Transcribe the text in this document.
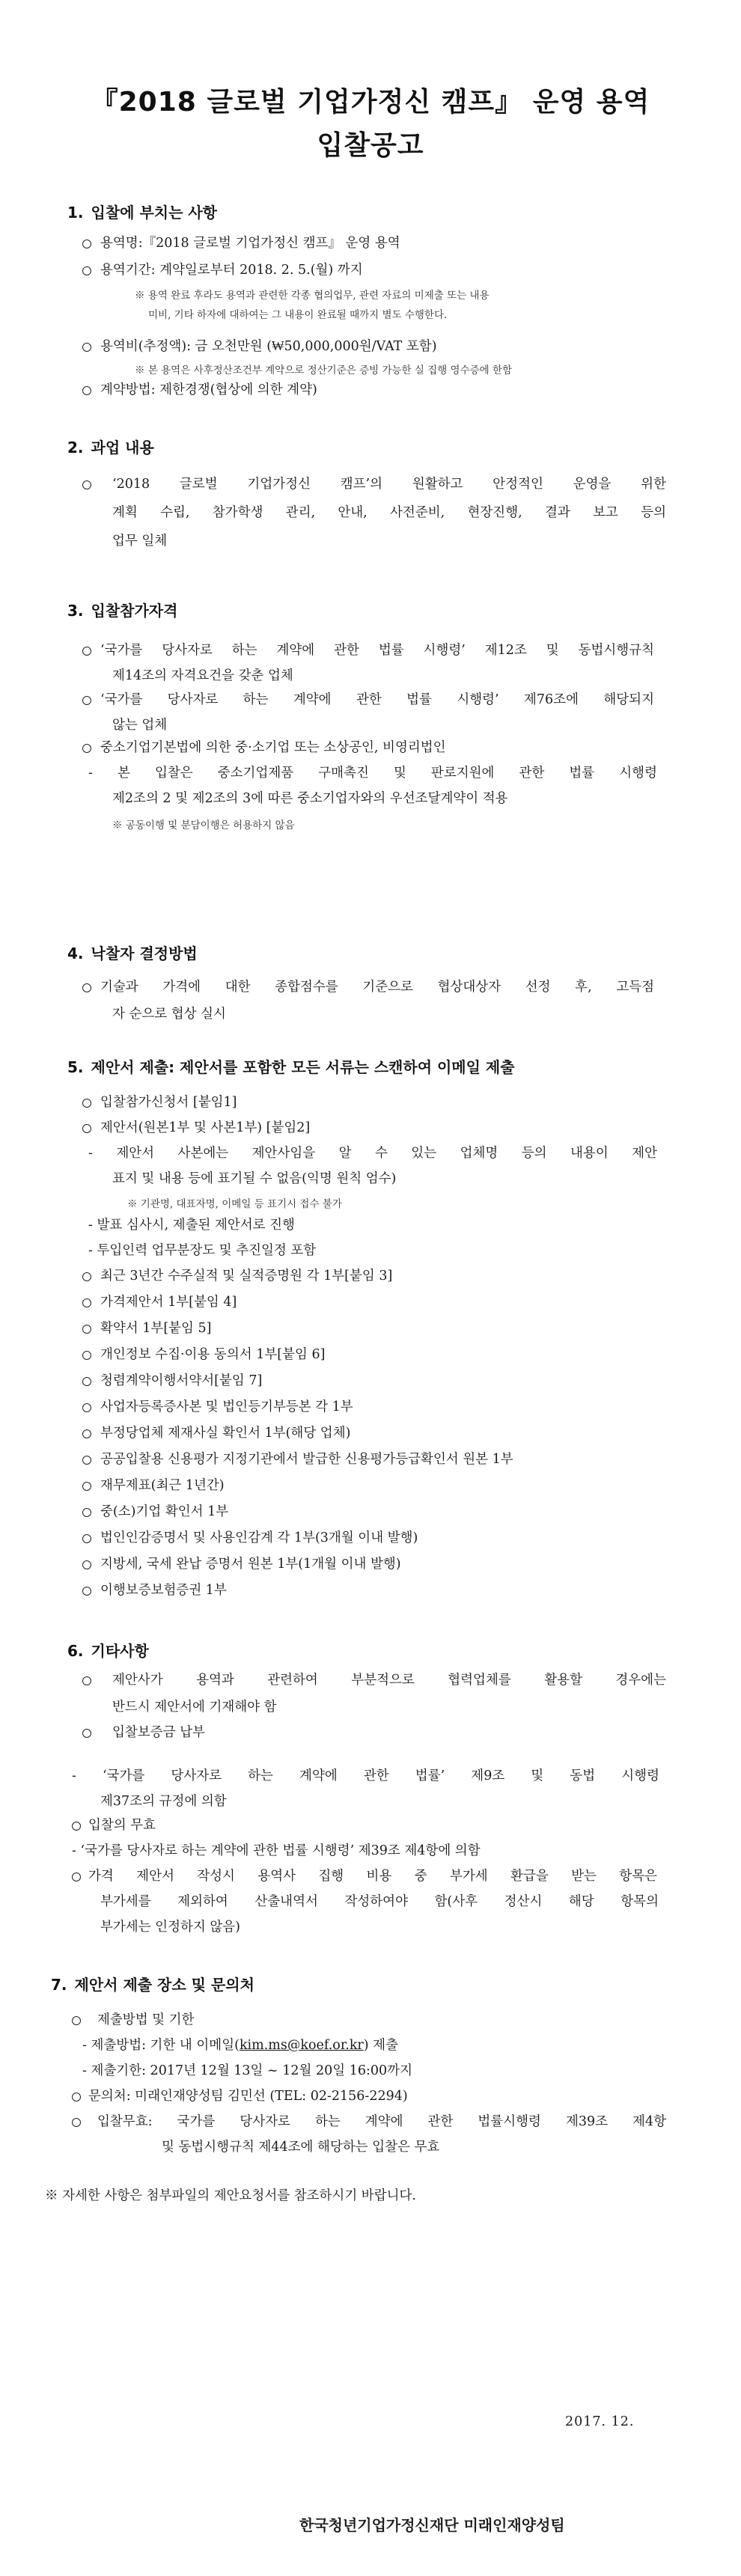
『2018 글로벌 기업가정신 캠프』 운영 용역
입찰공고
1. 입찰에 부치는 사항
용역명:『2018 글로벌 기업가정신 캠프』 운영 용역
용역기간: 계약일로부터 2018. 2. 5.(월) 까지
※ 용역 완료 후라도 용역과 관련한 각종 협의업무, 관련 자료의 미제출 또는 내용
미비, 기타 하자에 대하여는 그 내용이 완료될 때까지 별도 수행한다.
용역비(추정액): 금 오천만원 (₩50,000,000원/VAT 포함)
※ 본 용역은 사후정산조건부 계약으로 정산기준은 증빙 가능한 실 집행 영수증에 한함
계약방법: 제한경쟁(협상에 의한 계약)
2. 과업 내용
‘2018 글로벌 기업가정신 캠프’의 원활하고 안정적인 운영을 위한
계획 수립, 참가학생 관리, 안내, 사전준비, 현장진행, 결과 보고 등의
업무 일체
3. 입찰참가자격
‘국가를 당사자로 하는 계약에 관한 법률 시행령’ 제12조 및 동법시행규칙
제14조의 자격요건을 갖춘 업체
‘국가를 당사자로 하는 계약에 관한 법률 시행령’ 제76조에 해당되지
않는 업체
중소기업기본법에 의한 중·소기업 또는 소상공인, 비영리법인
- 본 입찰은 중소기업제품 구매촉진 및 판로지원에 관한 법률 시행령
제2조의 2 및 제2조의 3에 따른 중소기업자와의 우선조달계약이 적용
※ 공동이행 및 분담이행은 허용하지 않음
4. 낙찰자 결정방법
기술과 가격에 대한 종합점수를 기준으로 협상대상자 선정 후, 고득점
자 순으로 협상 실시
5. 제안서 제출: 제안서를 포함한 모든 서류는 스캔하여 이메일 제출
입찰참가신청서 [붙임1]
제안서(원본1부 및 사본1부) [붙임2]
- 제안서 사본에는 제안사임을 알 수 있는 업체명 등의 내용이 제안
표지 및 내용 등에 표기될 수 없음(익명 원칙 엄수)
※ 기관명, 대표자명, 이메일 등 표기시 접수 불가
- 발표 심사시, 제출된 제안서로 진행
- 투입인력 업무분장도 및 추진일정 포함
최근 3년간 수주실적 및 실적증명원 각 1부[붙임 3]
가격제안서 1부[붙임 4]
확약서 1부[붙임 5]
개인정보 수집·이용 동의서 1부[붙임 6]
청렴계약이행서약서[붙임 7]
사업자등록증사본 및 법인등기부등본 각 1부
부정당업체 제재사실 확인서 1부(해당 업체)
공공입찰용 신용평가 지정기관에서 발급한 신용평가등급확인서 원본 1부
재무제표(최근 1년간)
중(소)기업 확인서 1부
법인인감증명서 및 사용인감계 각 1부(3개월 이내 발행)
지방세, 국세 완납 증명서 원본 1부(1개월 이내 발행)
이행보증보험증권 1부
6. 기타사항
제안사가 용역과 관련하여 부분적으로 협력업체를 활용할 경우에는
반드시 제안서에 기재해야 함
입찰보증금 납부
- ‘국가를 당사자로 하는 계약에 관한 법률’ 제9조 및 동법 시행령
제37조의 규정에 의함
입찰의 무효
- ‘국가를 당사자로 하는 계약에 관한 법률 시행령’ 제39조 제4항에 의함
가격 제안서 작성시 용역사 집행 비용 중 부가세 환급을 받는 항목은
부가세를 제외하여 산출내역서 작성하여야 함(사후 정산시 해당 항목의
부가세는 인정하지 않음)
7. 제안서 제출 장소 및 문의처
제출방법 및 기한
- 제출방법: 기한 내 이메일(kim.ms@koef.or.kr) 제출
- 제출기한: 2017년 12월 13일 ~ 12월 20일 16:00까지
문의처: 미래인재양성팀 김민선 (TEL: 02-2156-2294)
입찰무효: 국가를 당사자로 하는 계약에 관한 법률시행령 제39조 제4항
및 동법시행규칙 제44조에 해당하는 입찰은 무효
※ 자세한 사항은 첨부파일의 제안요청서를 참조하시기 바랍니다.
2017. 12.
한국청년기업가정신재단 미래인재양성팀
